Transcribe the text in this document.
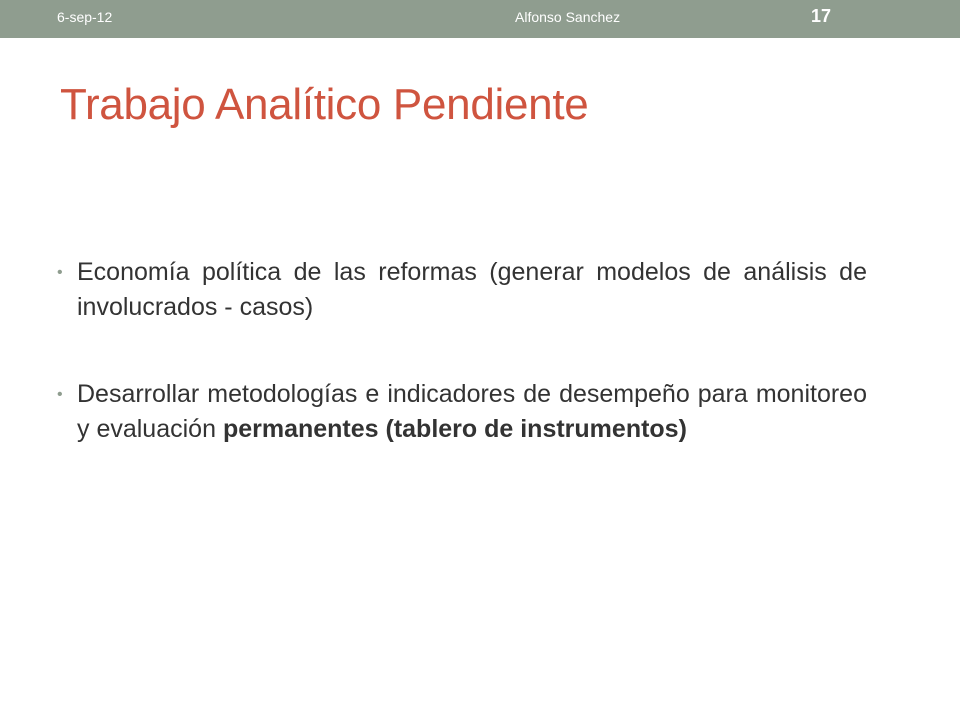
6-sep-12	Alfonso Sanchez	17
Trabajo Analítico Pendiente
• Economía política de las reformas (generar modelos de análisis de involucrados - casos)
• Desarrollar metodologías e indicadores de desempeño para monitoreo y evaluación permanentes (tablero de instrumentos)
